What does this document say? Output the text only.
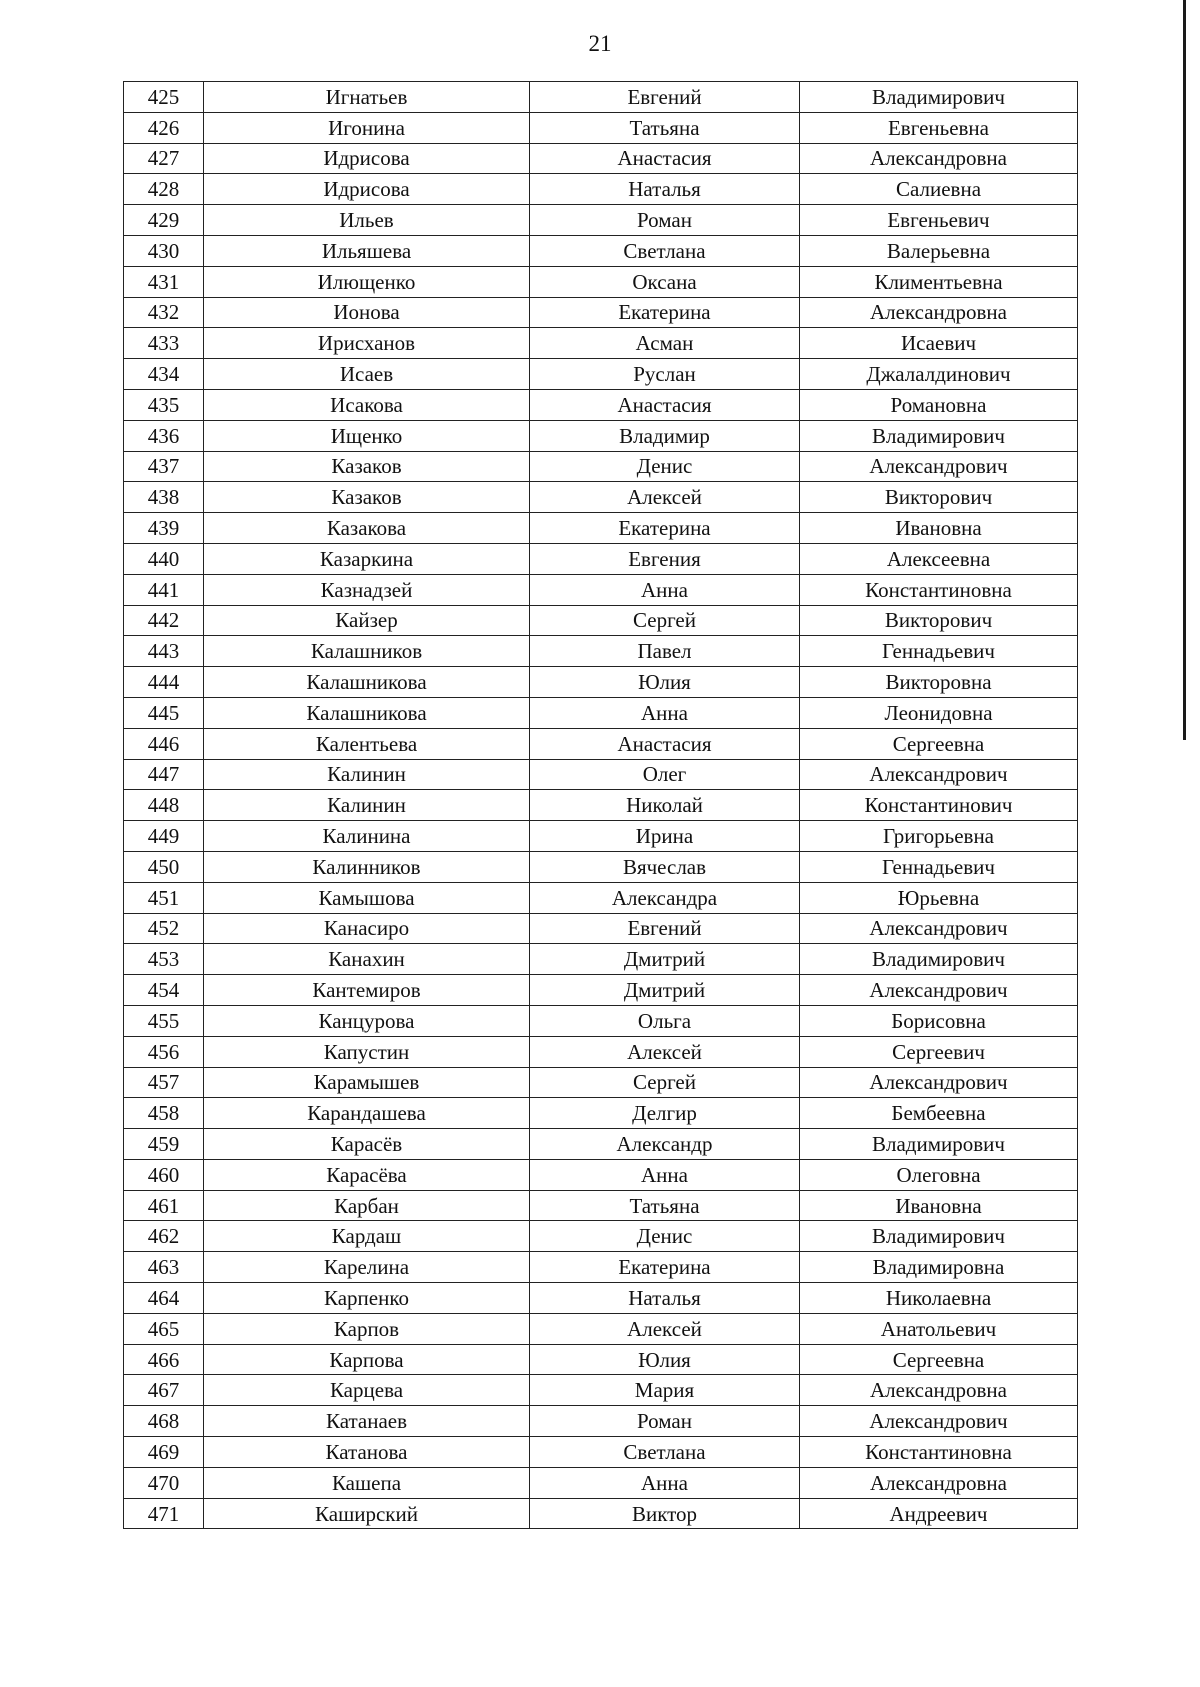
21
425	Игнатьев	Евгений	Владимирович
426	Игонина	Татьяна	Евгеньевна
427	Идрисова	Анастасия	Александровна
428	Идрисова	Наталья	Салиевна
429	Ильев	Роман	Евгеньевич
430	Ильяшева	Светлана	Валерьевна
431	Илющенко	Оксана	Климентьевна
432	Ионова	Екатерина	Александровна
433	Ирисханов	Асман	Исаевич
434	Исаев	Руслан	Джалалдинович
435	Исакова	Анастасия	Романовна
436	Ищенко	Владимир	Владимирович
437	Казаков	Денис	Александрович
438	Казаков	Алексей	Викторович
439	Казакова	Екатерина	Ивановна
440	Казаркина	Евгения	Алексеевна
441	Казнадзей	Анна	Константиновна
442	Кайзер	Сергей	Викторович
443	Калашников	Павел	Геннадьевич
444	Калашникова	Юлия	Викторовна
445	Калашникова	Анна	Леонидовна
446	Калентьева	Анастасия	Сергеевна
447	Калинин	Олег	Александрович
448	Калинин	Николай	Константинович
449	Калинина	Ирина	Григорьевна
450	Калинников	Вячеслав	Геннадьевич
451	Камышова	Александра	Юрьевна
452	Канасиро	Евгений	Александрович
453	Канахин	Дмитрий	Владимирович
454	Кантемиров	Дмитрий	Александрович
455	Канцурова	Ольга	Борисовна
456	Капустин	Алексей	Сергеевич
457	Карамышев	Сергей	Александрович
458	Карандашева	Делгир	Бембеевна
459	Карасёв	Александр	Владимирович
460	Карасёва	Анна	Олеговна
461	Карбан	Татьяна	Ивановна
462	Кардаш	Денис	Владимирович
463	Карелина	Екатерина	Владимировна
464	Карпенко	Наталья	Николаевна
465	Карпов	Алексей	Анатольевич
466	Карпова	Юлия	Сергеевна
467	Карцева	Мария	Александровна
468	Катанаев	Роман	Александрович
469	Катанова	Светлана	Константиновна
470	Кашепа	Анна	Александровна
471	Каширский	Виктор	Андреевич
